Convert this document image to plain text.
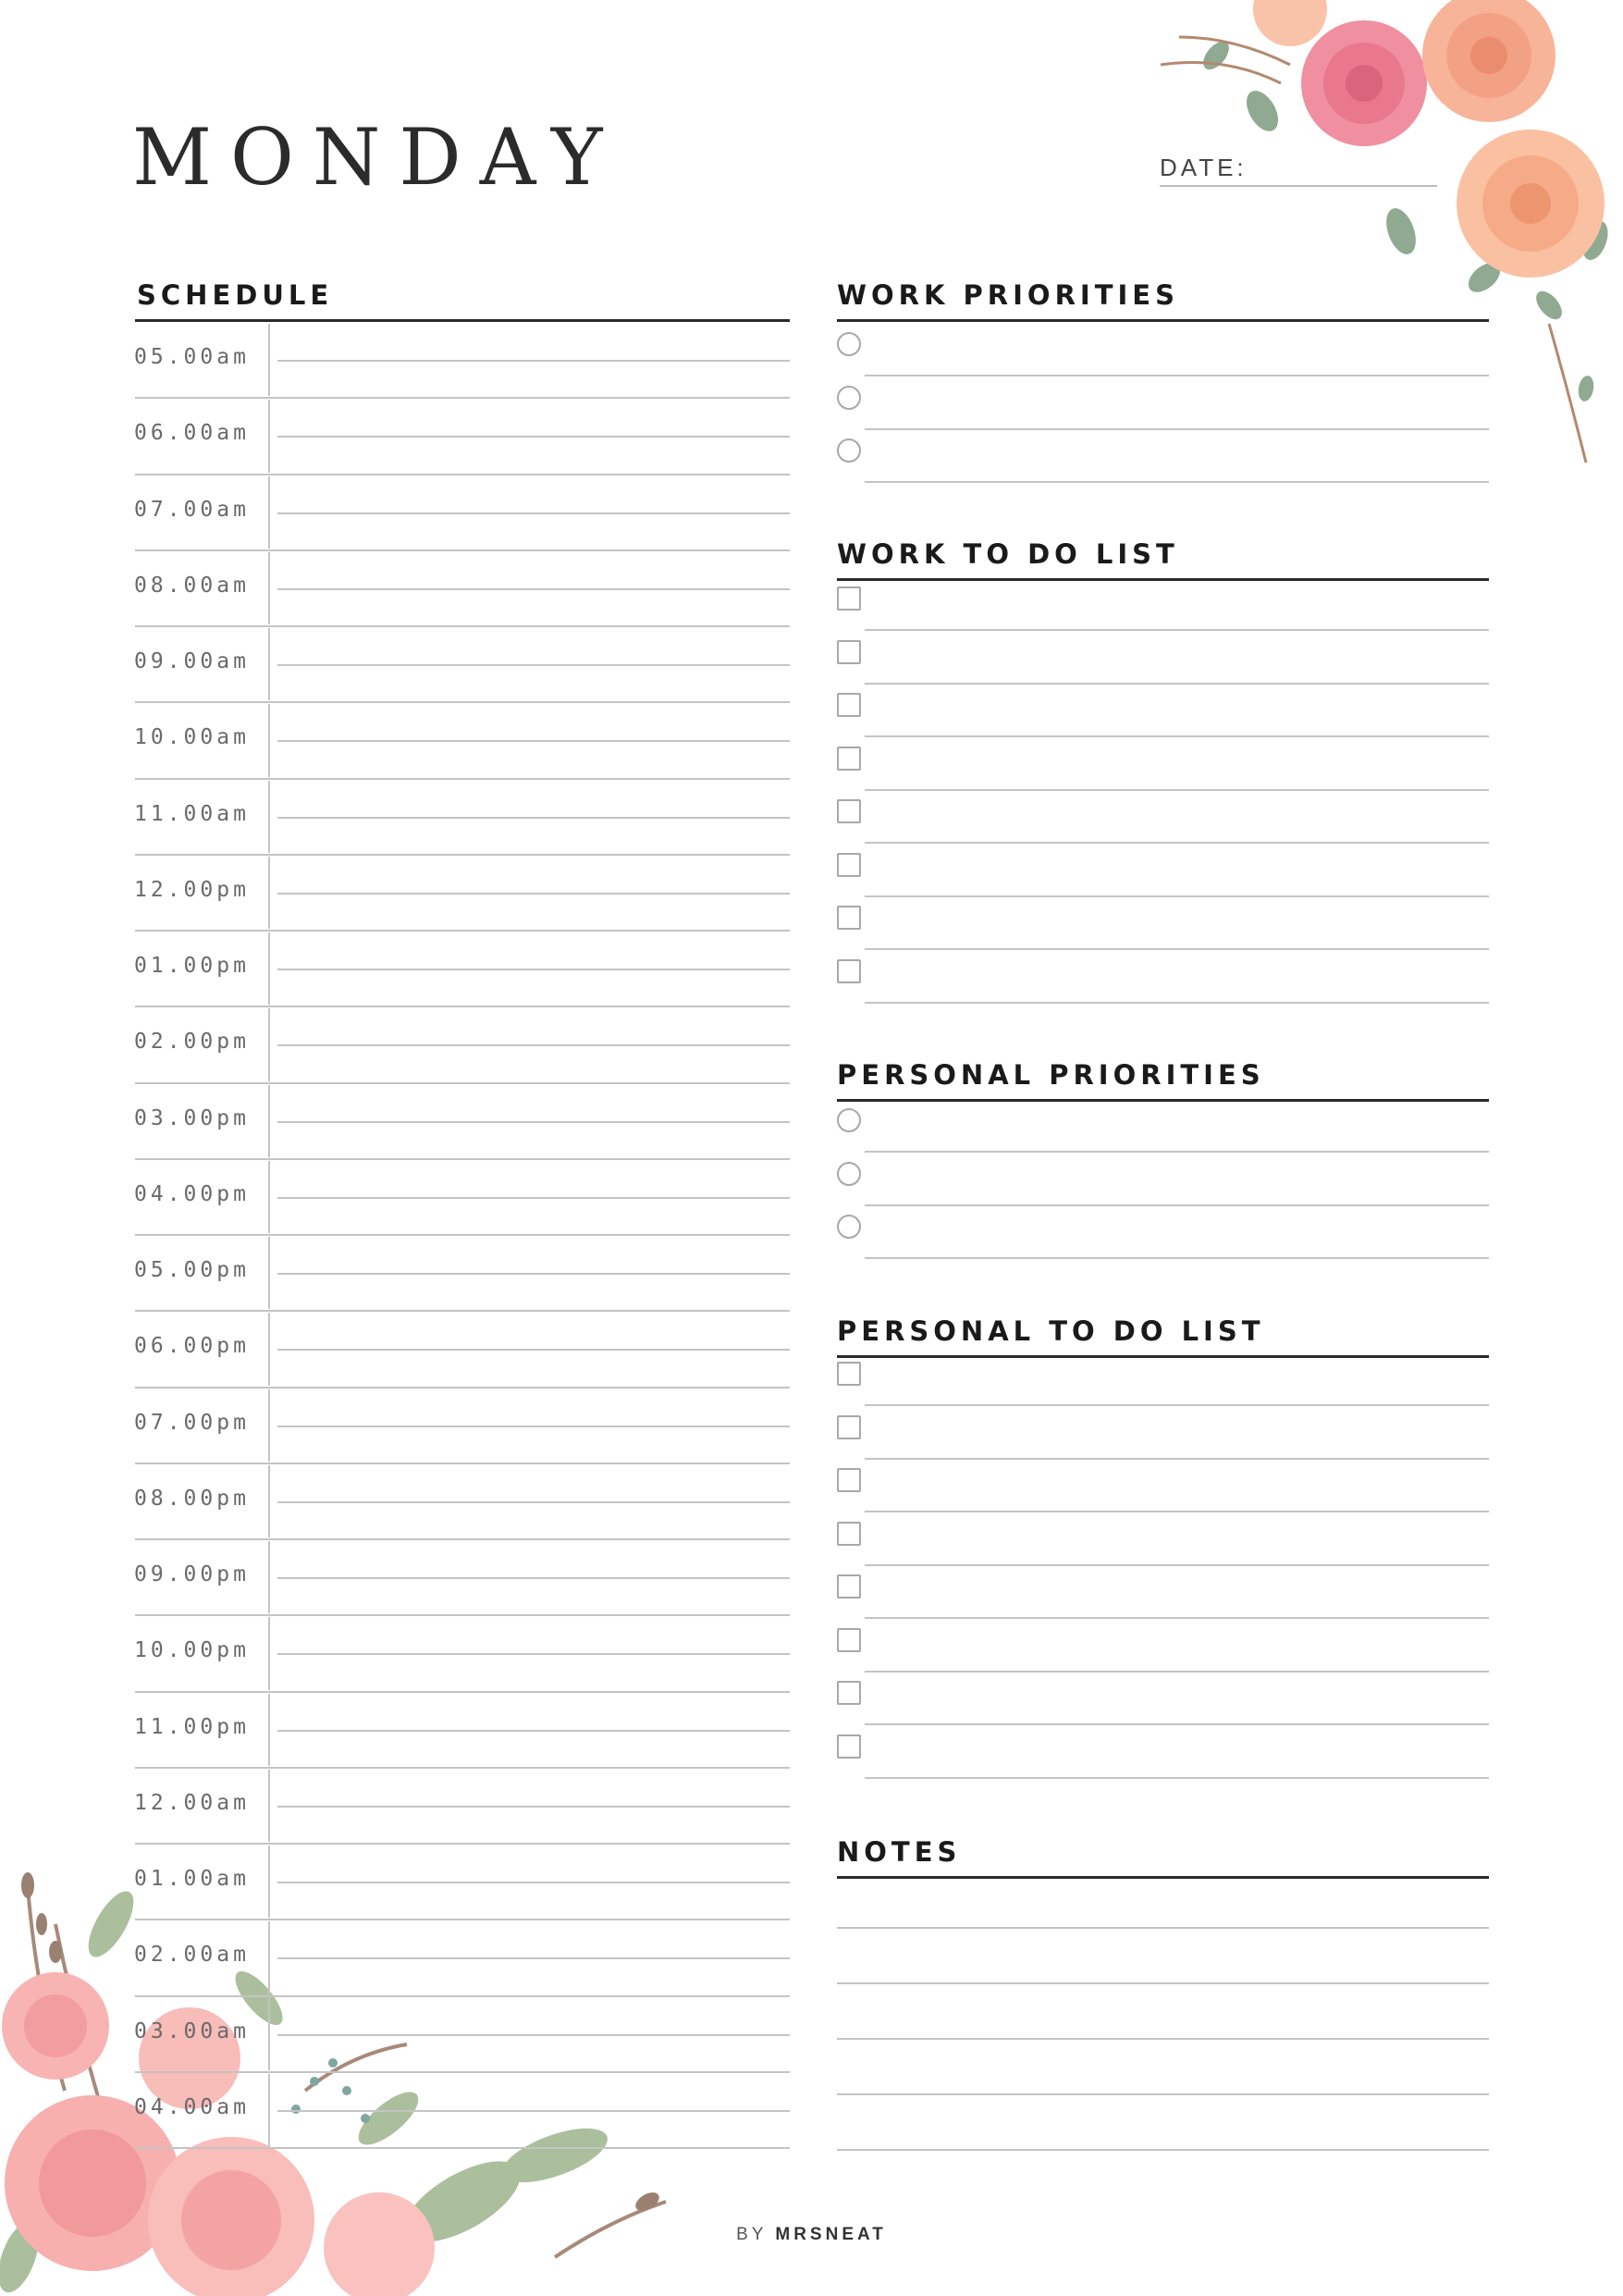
MONDAY	DATE:
SCHEDULE
05.00am
06.00am
07.00am
08.00am
09.00am
10.00am
11.00am
12.00pm
01.00pm
02.00pm
03.00pm
04.00pm
05.00pm
06.00pm
07.00pm
08.00pm
09.00pm
10.00pm
11.00pm
12.00am
01.00am
02.00am
03.00am
04.00am
WORK PRIORITIES
WORK TO DO LIST
PERSONAL PRIORITIES
PERSONAL TO DO LIST
NOTES
BY MRSNEAT
